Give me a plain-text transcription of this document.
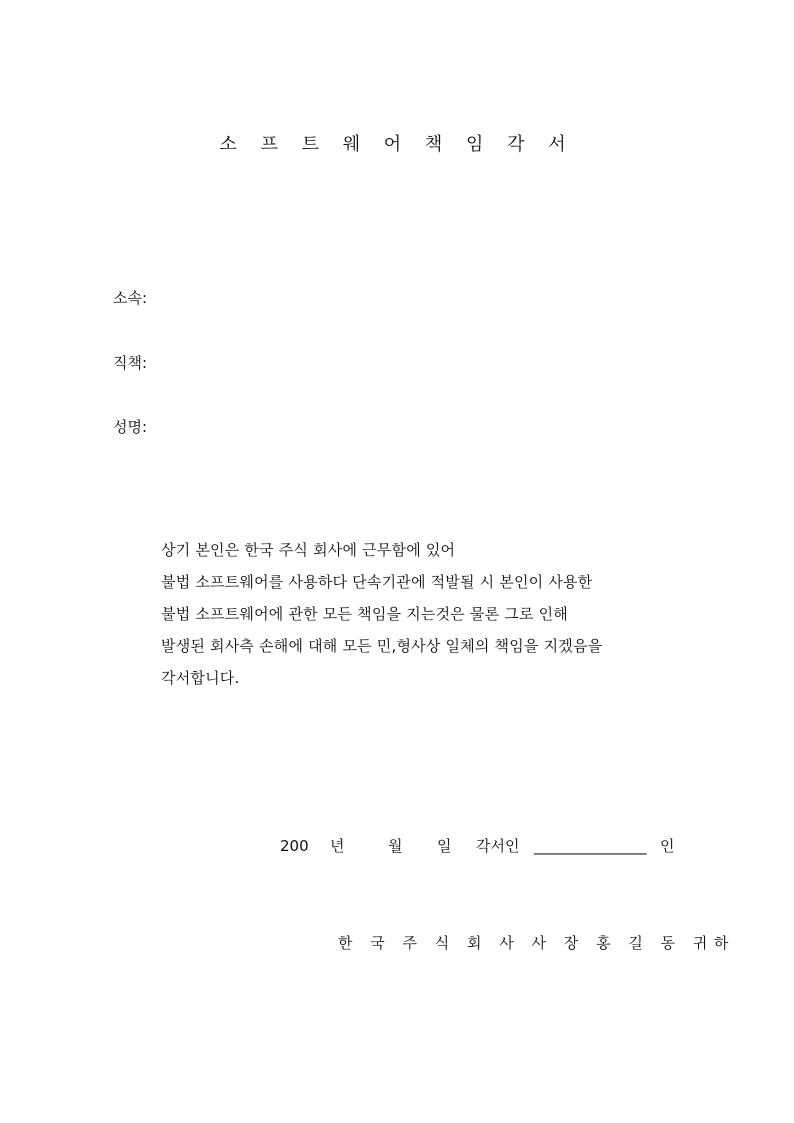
소 프 트 웨 어 책 임 각 서
소속:
직책:
성명:
상기 본인은 한국 주식 회사에 근무함에 있어
불법 소프트웨어를 사용하다 단속기관에 적발될 시 본인이 사용한
불법 소프트웨어에 관한 모든 책임을 지는것은 물론 그로 인해
발생된 회사측 손해에 대해 모든 민,형사상 일체의 책임을 지겠음을
각서합니다.
200 년	월 일 각서인 _______________ 인
한 국 주 식 회 사 사 장 홍 길 동 귀하
